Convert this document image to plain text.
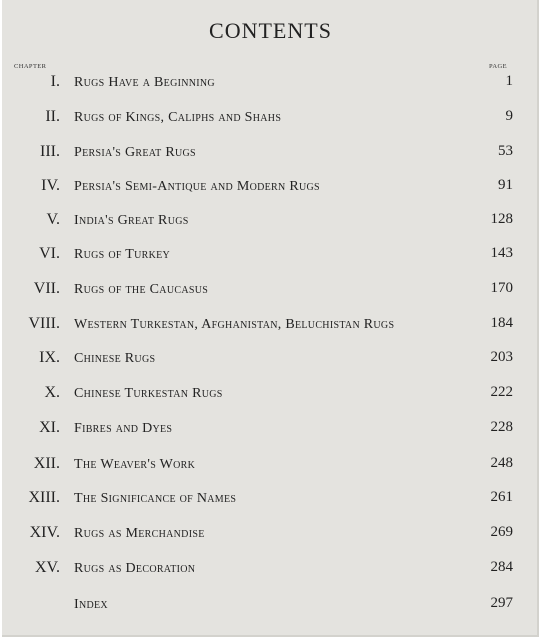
CONTENTS
CHAPTER	PAGE
I. Rugs Have a Beginning	1
II. Rugs of Kings, Caliphs and Shahs	9
III. Persia's Great Rugs	53
IV. Persia's Semi-Antique and Modern Rugs	91
V. India's Great Rugs	128
VI. Rugs of Turkey	143
VII. Rugs of the Caucasus	170
VIII. Western Turkestan, Afghanistan, Beluchistan Rugs	184
IX. Chinese Rugs	203
X. Chinese Turkestan Rugs	222
XI. Fibres and Dyes	228
XII. The Weaver's Work	248
XIII. The Significance of Names	261
XIV. Rugs as Merchandise	269
XV. Rugs as Decoration	284
Index	297
